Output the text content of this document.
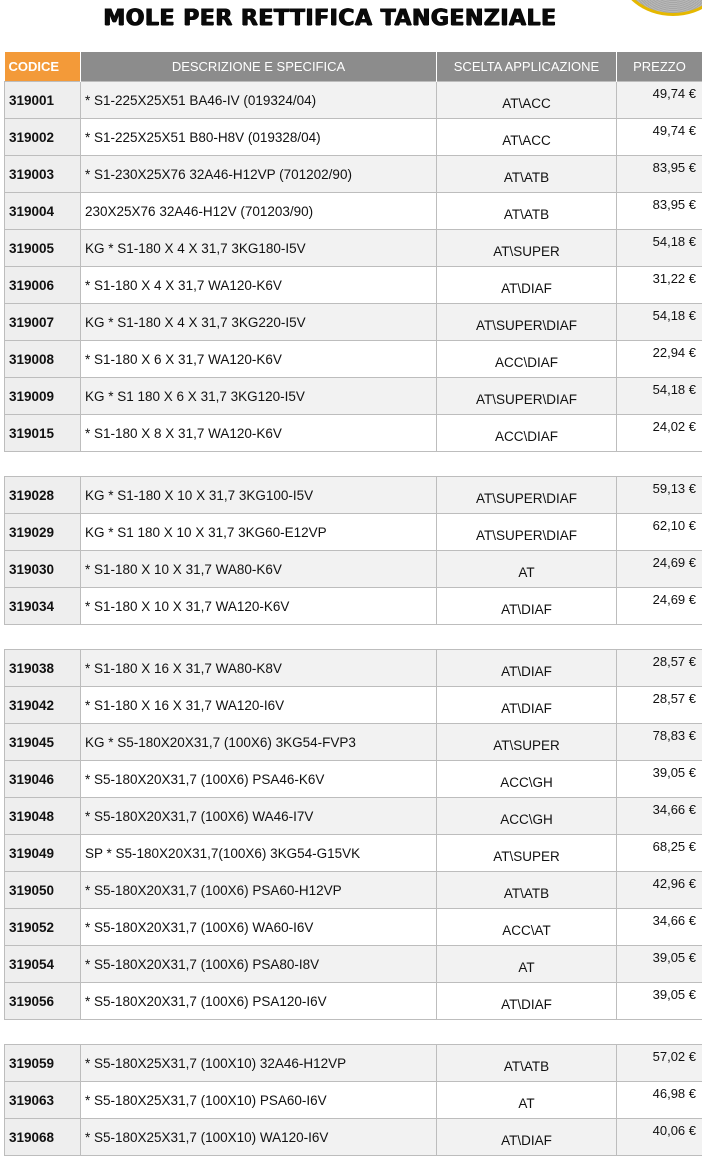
MOLE PER RETTIFICA TANGENZIALE
CODICE	DESCRIZIONE E SPECIFICA	SCELTA APPLICAZIONE	PREZZO
319001	* S1-225X25X51 BA46-IV (019324/04)	AT\ACC	49,74 €
319002	* S1-225X25X51 B80-H8V (019328/04)	AT\ACC	49,74 €
319003	* S1-230X25X76 32A46-H12VP (701202/90)	AT\ATB	83,95 €
319004	230X25X76 32A46-H12V (701203/90)	AT\ATB	83,95 €
319005	KG * S1-180 X 4 X 31,7 3KG180-I5V	AT\SUPER	54,18 €
319006	* S1-180 X 4 X 31,7 WA120-K6V	AT\DIAF	31,22 €
319007	KG * S1-180 X 4 X 31,7 3KG220-I5V	AT\SUPER\DIAF	54,18 €
319008	* S1-180 X 6 X 31,7 WA120-K6V	ACC\DIAF	22,94 €
319009	KG * S1 180 X 6 X 31,7 3KG120-I5V	AT\SUPER\DIAF	54,18 €
319015	* S1-180 X 8 X 31,7 WA120-K6V	ACC\DIAF	24,02 €

319028	KG * S1-180 X 10 X 31,7 3KG100-I5V	AT\SUPER\DIAF	59,13 €
319029	KG * S1 180 X 10 X 31,7 3KG60-E12VP	AT\SUPER\DIAF	62,10 €
319030	* S1-180 X 10 X 31,7 WA80-K6V	AT	24,69 €
319034	* S1-180 X 10 X 31,7 WA120-K6V	AT\DIAF	24,69 €

319038	* S1-180 X 16 X 31,7 WA80-K8V	AT\DIAF	28,57 €
319042	* S1-180 X 16 X 31,7 WA120-I6V	AT\DIAF	28,57 €
319045	KG * S5-180X20X31,7 (100X6) 3KG54-FVP3	AT\SUPER	78,83 €
319046	* S5-180X20X31,7 (100X6) PSA46-K6V	ACC\GH	39,05 €
319048	* S5-180X20X31,7 (100X6) WA46-I7V	ACC\GH	34,66 €
319049	SP * S5-180X20X31,7(100X6) 3KG54-G15VK	AT\SUPER	68,25 €
319050	* S5-180X20X31,7 (100X6) PSA60-H12VP	AT\ATB	42,96 €
319052	* S5-180X20X31,7 (100X6) WA60-I6V	ACC\AT	34,66 €
319054	* S5-180X20X31,7 (100X6) PSA80-I8V	AT	39,05 €
319056	* S5-180X20X31,7 (100X6) PSA120-I6V	AT\DIAF	39,05 €

319059	* S5-180X25X31,7 (100X10) 32A46-H12VP	AT\ATB	57,02 €
319063	* S5-180X25X31,7 (100X10) PSA60-I6V	AT	46,98 €
319068	* S5-180X25X31,7 (100X10) WA120-I6V	AT\DIAF	40,06 €
